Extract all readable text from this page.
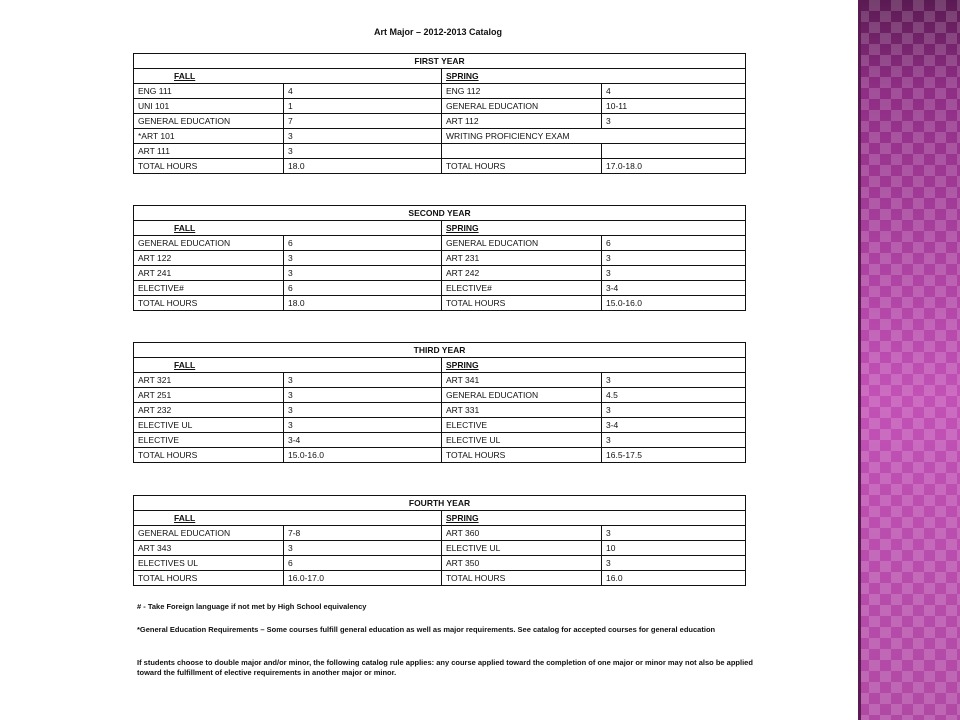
Art Major – 2012-2013 Catalog
FIRST YEAR			
FALL		SPRING	
ENG 111	4	ENG 112	4
UNI 101	1	GENERAL EDUCATION	10-11
GENERAL EDUCATION	7	ART 112	3
*ART 101	3	WRITING PROFICIENCY EXAM	
ART 111	3		
TOTAL HOURS	18.0	TOTAL HOURS	17.0-18.0
SECOND YEAR			
FALL		SPRING	
GENERAL EDUCATION	6	GENERAL EDUCATION	6
ART 122	3	ART 231	3
ART 241	3	ART 242	3
ELECTIVE#	6	ELECTIVE#	3-4
TOTAL HOURS	18.0	TOTAL HOURS	15.0-16.0
THIRD YEAR			
FALL		SPRING	
ART 321	3	ART 341	3
ART 251	3	GENERAL EDUCATION	4.5
ART 232	3	ART 331	3
ELECTIVE UL	3	ELECTIVE	3-4
ELECTIVE	3-4	ELECTIVE UL	3
TOTAL HOURS	15.0-16.0	TOTAL HOURS	16.5-17.5
FOURTH YEAR			
FALL		SPRING	
GENERAL EDUCATION	7-8	ART 360	3
ART 343	3	ELECTIVE UL	10
ELECTIVES UL	6	ART 350	3
TOTAL HOURS	16.0-17.0	TOTAL HOURS	16.0
# - Take Foreign language if not met by High School equivalency
*General Education Requirements – Some courses fulfill general education as well as major requirements. See catalog for accepted courses for general education
If students choose to double major and/or minor, the following catalog rule applies: any course applied toward the completion of one major or minor may not also be applied toward the fulfillment of elective requirements in another major or minor.
